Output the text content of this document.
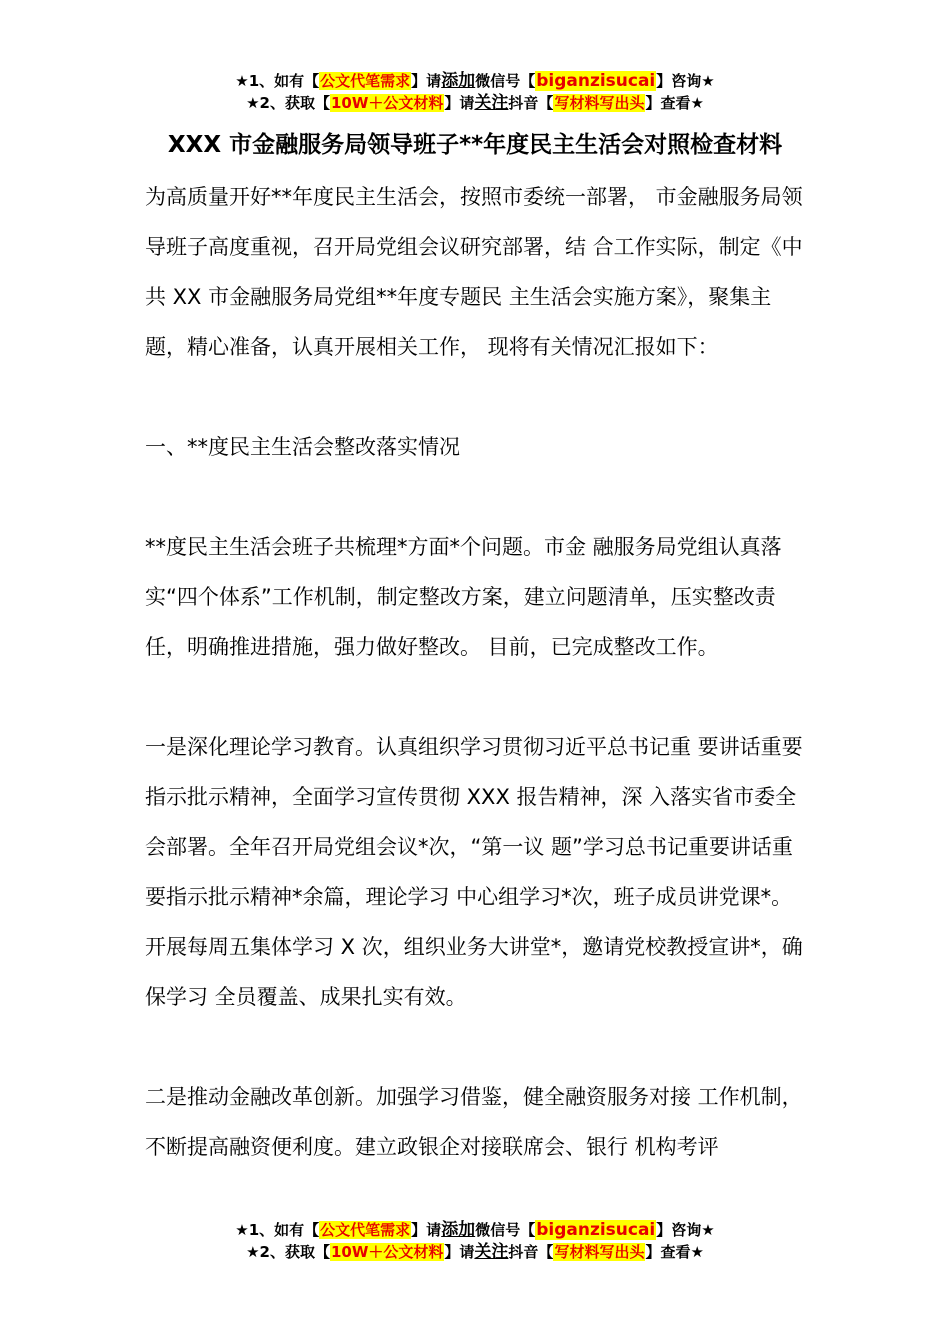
★1、如有【公文代笔需求】请添加微信号【biganzisucai】咨询★
★2、获取【10W＋公文材料】请关注抖音【写材料写出头】查看★
XXX 市金融服务局领导班子**年度民主生活会对照检查材料

为高质量开好**年度民主生活会，按照市委统一部署， 市金融服务局领导班子高度重视，召开局党组会议研究部署，结 合工作实际，制定《中共 XX 市金融服务局党组**年度专题民 主生活会实施方案》，聚集主题，精心准备，认真开展相关工作， 现将有关情况汇报如下：

一、**度民主生活会整改落实情况

**度民主生活会班子共梳理*方面*个问题。市金 融服务局党组认真落实“四个体系”工作机制，制定整改方案，建立问题清单，压实整改责任，明确推进措施，强力做好整改。 目前，已完成整改工作。

一是深化理论学习教育。认真组织学习贯彻习近平总书记重 要讲话重要指示批示精神，全面学习宣传贯彻 XXX 报告精神，深 入落实省市委全会部署。全年召开局党组会议*次，“第一议 题”学习总书记重要讲话重要指示批示精神*余篇，理论学习 中心组学习*次，班子成员讲党课*。开展每周五集体学习 X 次，组织业务大讲堂*，邀请党校教授宣讲*，确保学习 全员覆盖、成果扎实有效。

二是推动金融改革创新。加强学习借鉴，健全融资服务对接 工作机制，不断提高融资便利度。建立政银企对接联席会、银行 机构考评

★1、如有【公文代笔需求】请添加微信号【biganzisucai】咨询★
★2、获取【10W＋公文材料】请关注抖音【写材料写出头】查看★
